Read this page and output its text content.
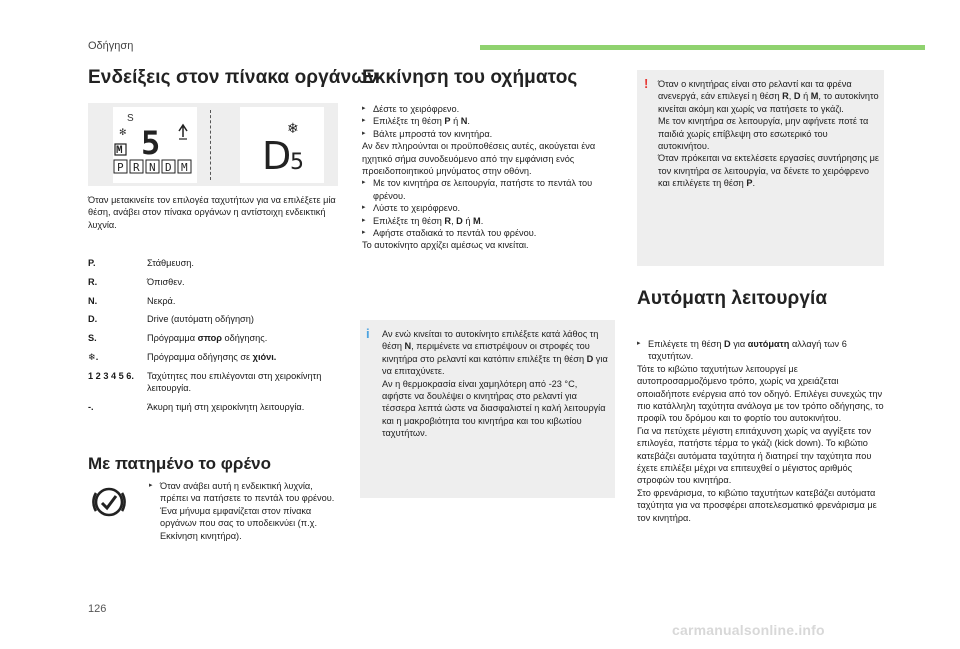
Οδήγηση
Ενδείξεις στον πίνακα οργάνων
S
✻
M 5
P R N D M D
5
❄
Όταν μετακινείτε τον επιλογέα ταχυτήτων για να επιλέξετε μία θέση, ανάβει στον πίνακα οργάνων η αντίστοιχη ενδεικτική λυχνία.
P.	Στάθμευση.
R.	Όπισθεν.
N.	Νεκρά.
D.	Drive (αυτόματη οδήγηση)
S.	Πρόγραμμα σπορ οδήγησης.
❄.	Πρόγραμμα οδήγησης σε χιόνι.
1 2 3 4 5 6.	Ταχύτητες που επιλέγονται στη χειροκίνητη λειτουργία.
-.	Άκυρη τιμή στη χειροκίνητη λειτουργία.
Με πατημένο το φρένο
▸ Όταν ανάβει αυτή η ενδεικτική λυχνία, πρέπει να πατήσετε το πεντάλ του φρένου. Ένα μήνυμα εμφανίζεται στον πίνακα οργάνων που σας το υποδεικνύει (π.χ. Εκκίνηση κινητήρα).
Εκκίνηση του οχήματος

▸ Δέστε το χειρόφρενο.

▸ Επιλέξτε τη θέση P ή N.

▸ Βάλτε μπροστά τον κινητήρα.

Αν δεν πληρούνται οι προϋποθέσεις αυτές, ακούγεται ένα ηχητικό σήμα συνοδευόμενο από την εμφάνιση ενός προειδοποιητικού μηνύματος στην οθόνη.

▸ Με τον κινητήρα σε λειτουργία, πατήστε το πεντάλ του φρένου.

▸ Λύστε το χειρόφρενο.

▸ Επιλέξτε τη θέση R, D ή M.

▸ Αφήστε σταδιακά το πεντάλ του φρένου.

Το αυτοκίνητο αρχίζει αμέσως να κινείται.

i Αν ενώ κινείται το αυτοκίνητο επιλέξετε κατά λάθος τη θέση N, περιμένετε να επιστρέψουν οι στροφές του κινητήρα στο ρελαντί και κατόπιν επιλέξτε τη θέση D για να επιταχύνετε.

Αν η θερμοκρασία είναι χαμηλότερη από -23 °C, αφήστε να δουλέψει ο κινητήρας στο ρελαντί για τέσσερα λεπτά ώστε να διασφαλιστεί η καλή λειτουργία και η μακροβιότητα του κινητήρα και του κιβωτίου ταχυτήτων.

! Όταν ο κινητήρας είναι στο ρελαντί και τα φρένα ανενεργά, εάν επιλεγεί η θέση R, D ή M, το αυτοκίνητο κινείται ακόμη και χωρίς να πατήσετε το γκάζι.

Με τον κινητήρα σε λειτουργία, μην αφήνετε ποτέ τα παιδιά χωρίς επίβλεψη στο εσωτερικό του αυτοκινήτου.

Όταν πρόκειται να εκτελέσετε εργασίες συντήρησης με τον κινητήρα σε λειτουργία, να δένετε το χειρόφρενο και επιλέγετε τη θέση P.

Αυτόματη λειτουργία

▸ Επιλέγετε τη θέση D για αυτόματη αλλαγή των 6 ταχυτήτων.

Τότε το κιβώτιο ταχυτήτων λειτουργεί με αυτοπροσαρμοζόμενο τρόπο, χωρίς να χρειάζεται οποιαδήποτε ενέργεια από τον οδηγό. Επιλέγει συνεχώς την πιο κατάλληλη ταχύτητα ανάλογα με τον τρόπο οδήγησης, το προφίλ του δρόμου και το φορτίο του αυτοκινήτου.

Για να πετύχετε μέγιστη επιτάχυνση χωρίς να αγγίξετε τον επιλογέα, πατήστε τέρμα το γκάζι (kick down). Το κιβώτιο κατεβάζει αυτόματα ταχύτητα ή διατηρεί την ταχύτητα που έχετε επιλέξει μέχρι να επιτευχθεί ο μέγιστος αριθμός στροφών του κινητήρα.

Στο φρενάρισμα, το κιβώτιο ταχυτήτων κατεβάζει αυτόματα ταχύτητα για να προσφέρει αποτελεσματικό φρενάρισμα με τον κινητήρα.

126
carmanualsonline.info
